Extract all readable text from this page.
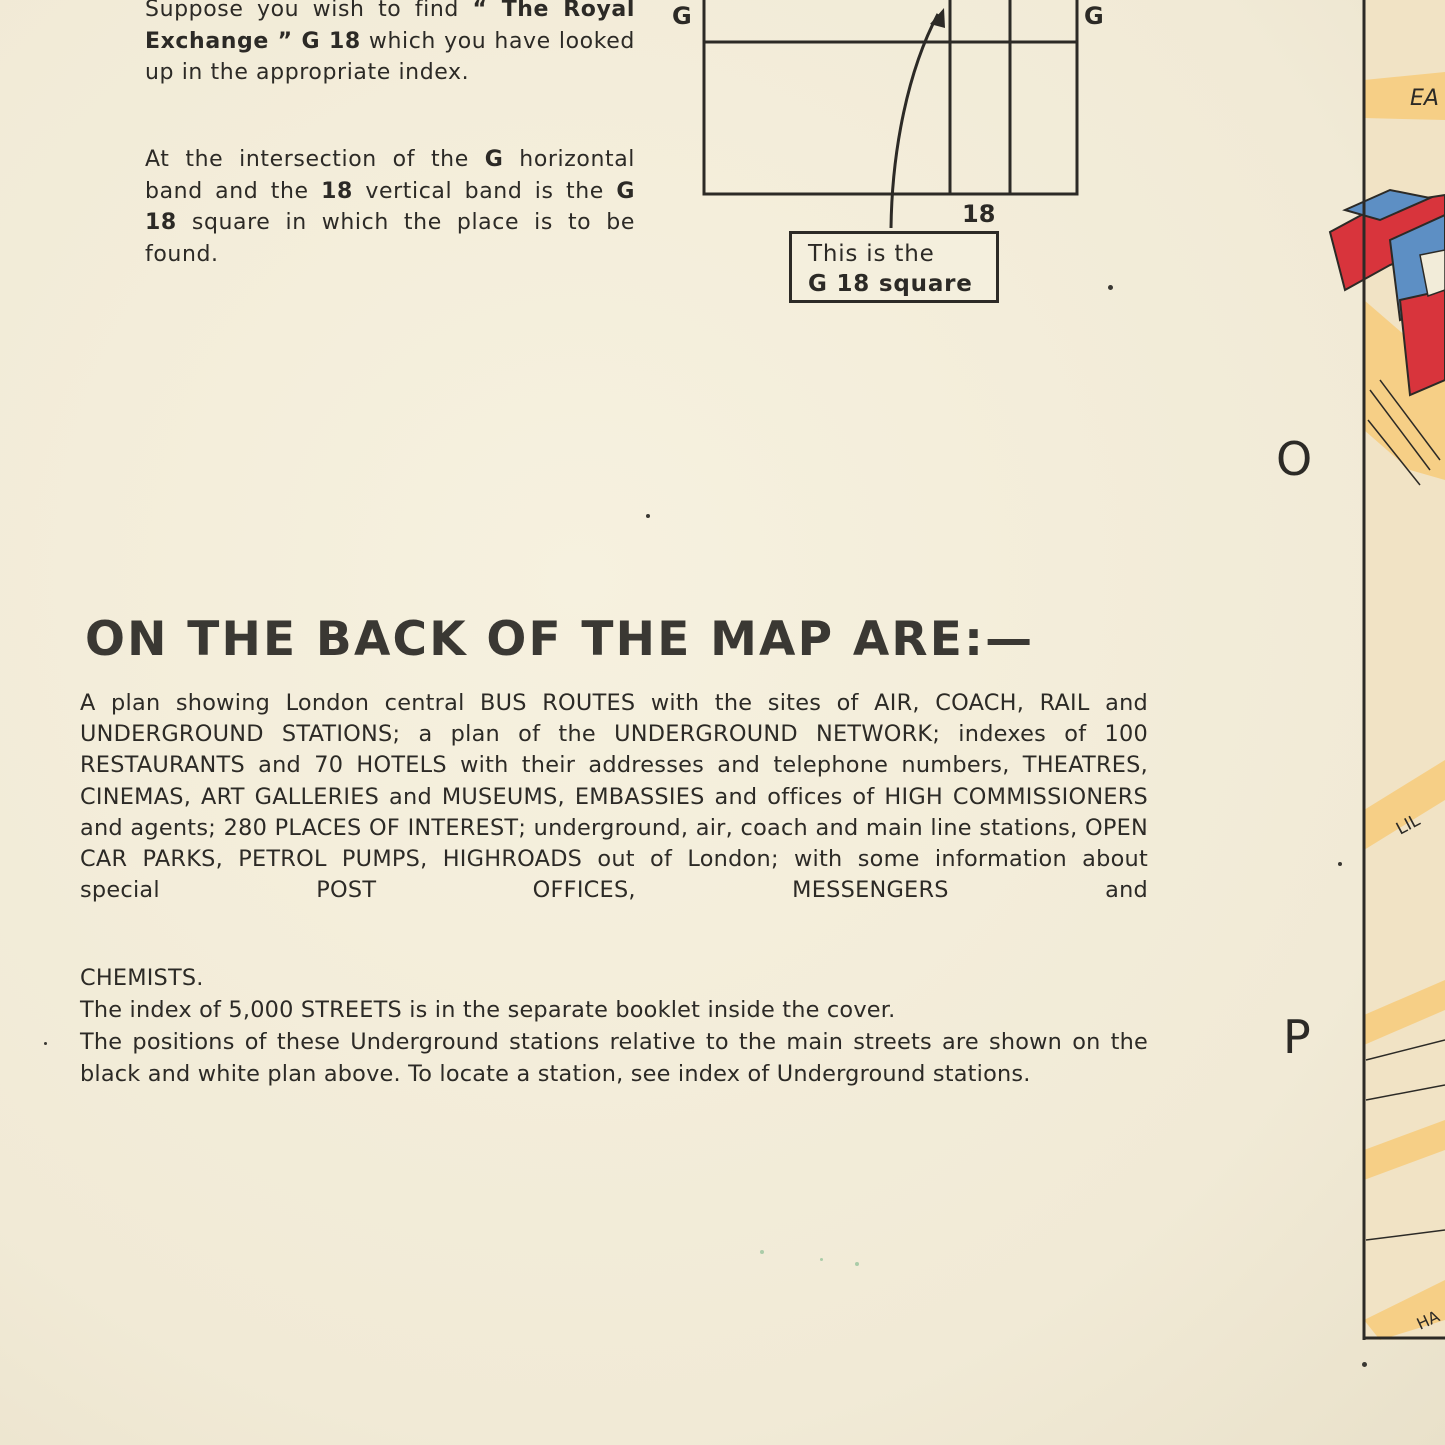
Suppose you wish to find “ The Royal Exchange ” G 18 which you have looked up in the appropriate index.
At the intersection of the G horizontal band and the 18 vertical band is the G 18 square in which the place is to be found.
G	G
18
This is the
G 18 square
ON THE BACK OF THE MAP ARE:—
A plan showing London central BUS ROUTES with the sites of AIR, COACH, RAIL and UNDERGROUND STATIONS; a plan of the UNDERGROUND NETWORK; indexes of 100 RESTAURANTS and 70 HOTELS with their addresses and telephone numbers, THEATRES, CINEMAS, ART GALLERIES and MUSEUMS, EMBASSIES and offices of HIGH COMMISSIONERS and agents; 280 PLACES OF INTEREST; underground, air, coach and main line stations, OPEN CAR PARKS, PETROL PUMPS, HIGHROADS out of London; with some information about special POST OFFICES, MESSENGERS and
CHEMISTS.
The index of 5,000 STREETS is in the separate booklet inside the cover.
The positions of these Underground stations relative to the main streets are shown on the black and white plan above. To locate a station, see index of Underground stations.
EA
LIL
HA
O
P
